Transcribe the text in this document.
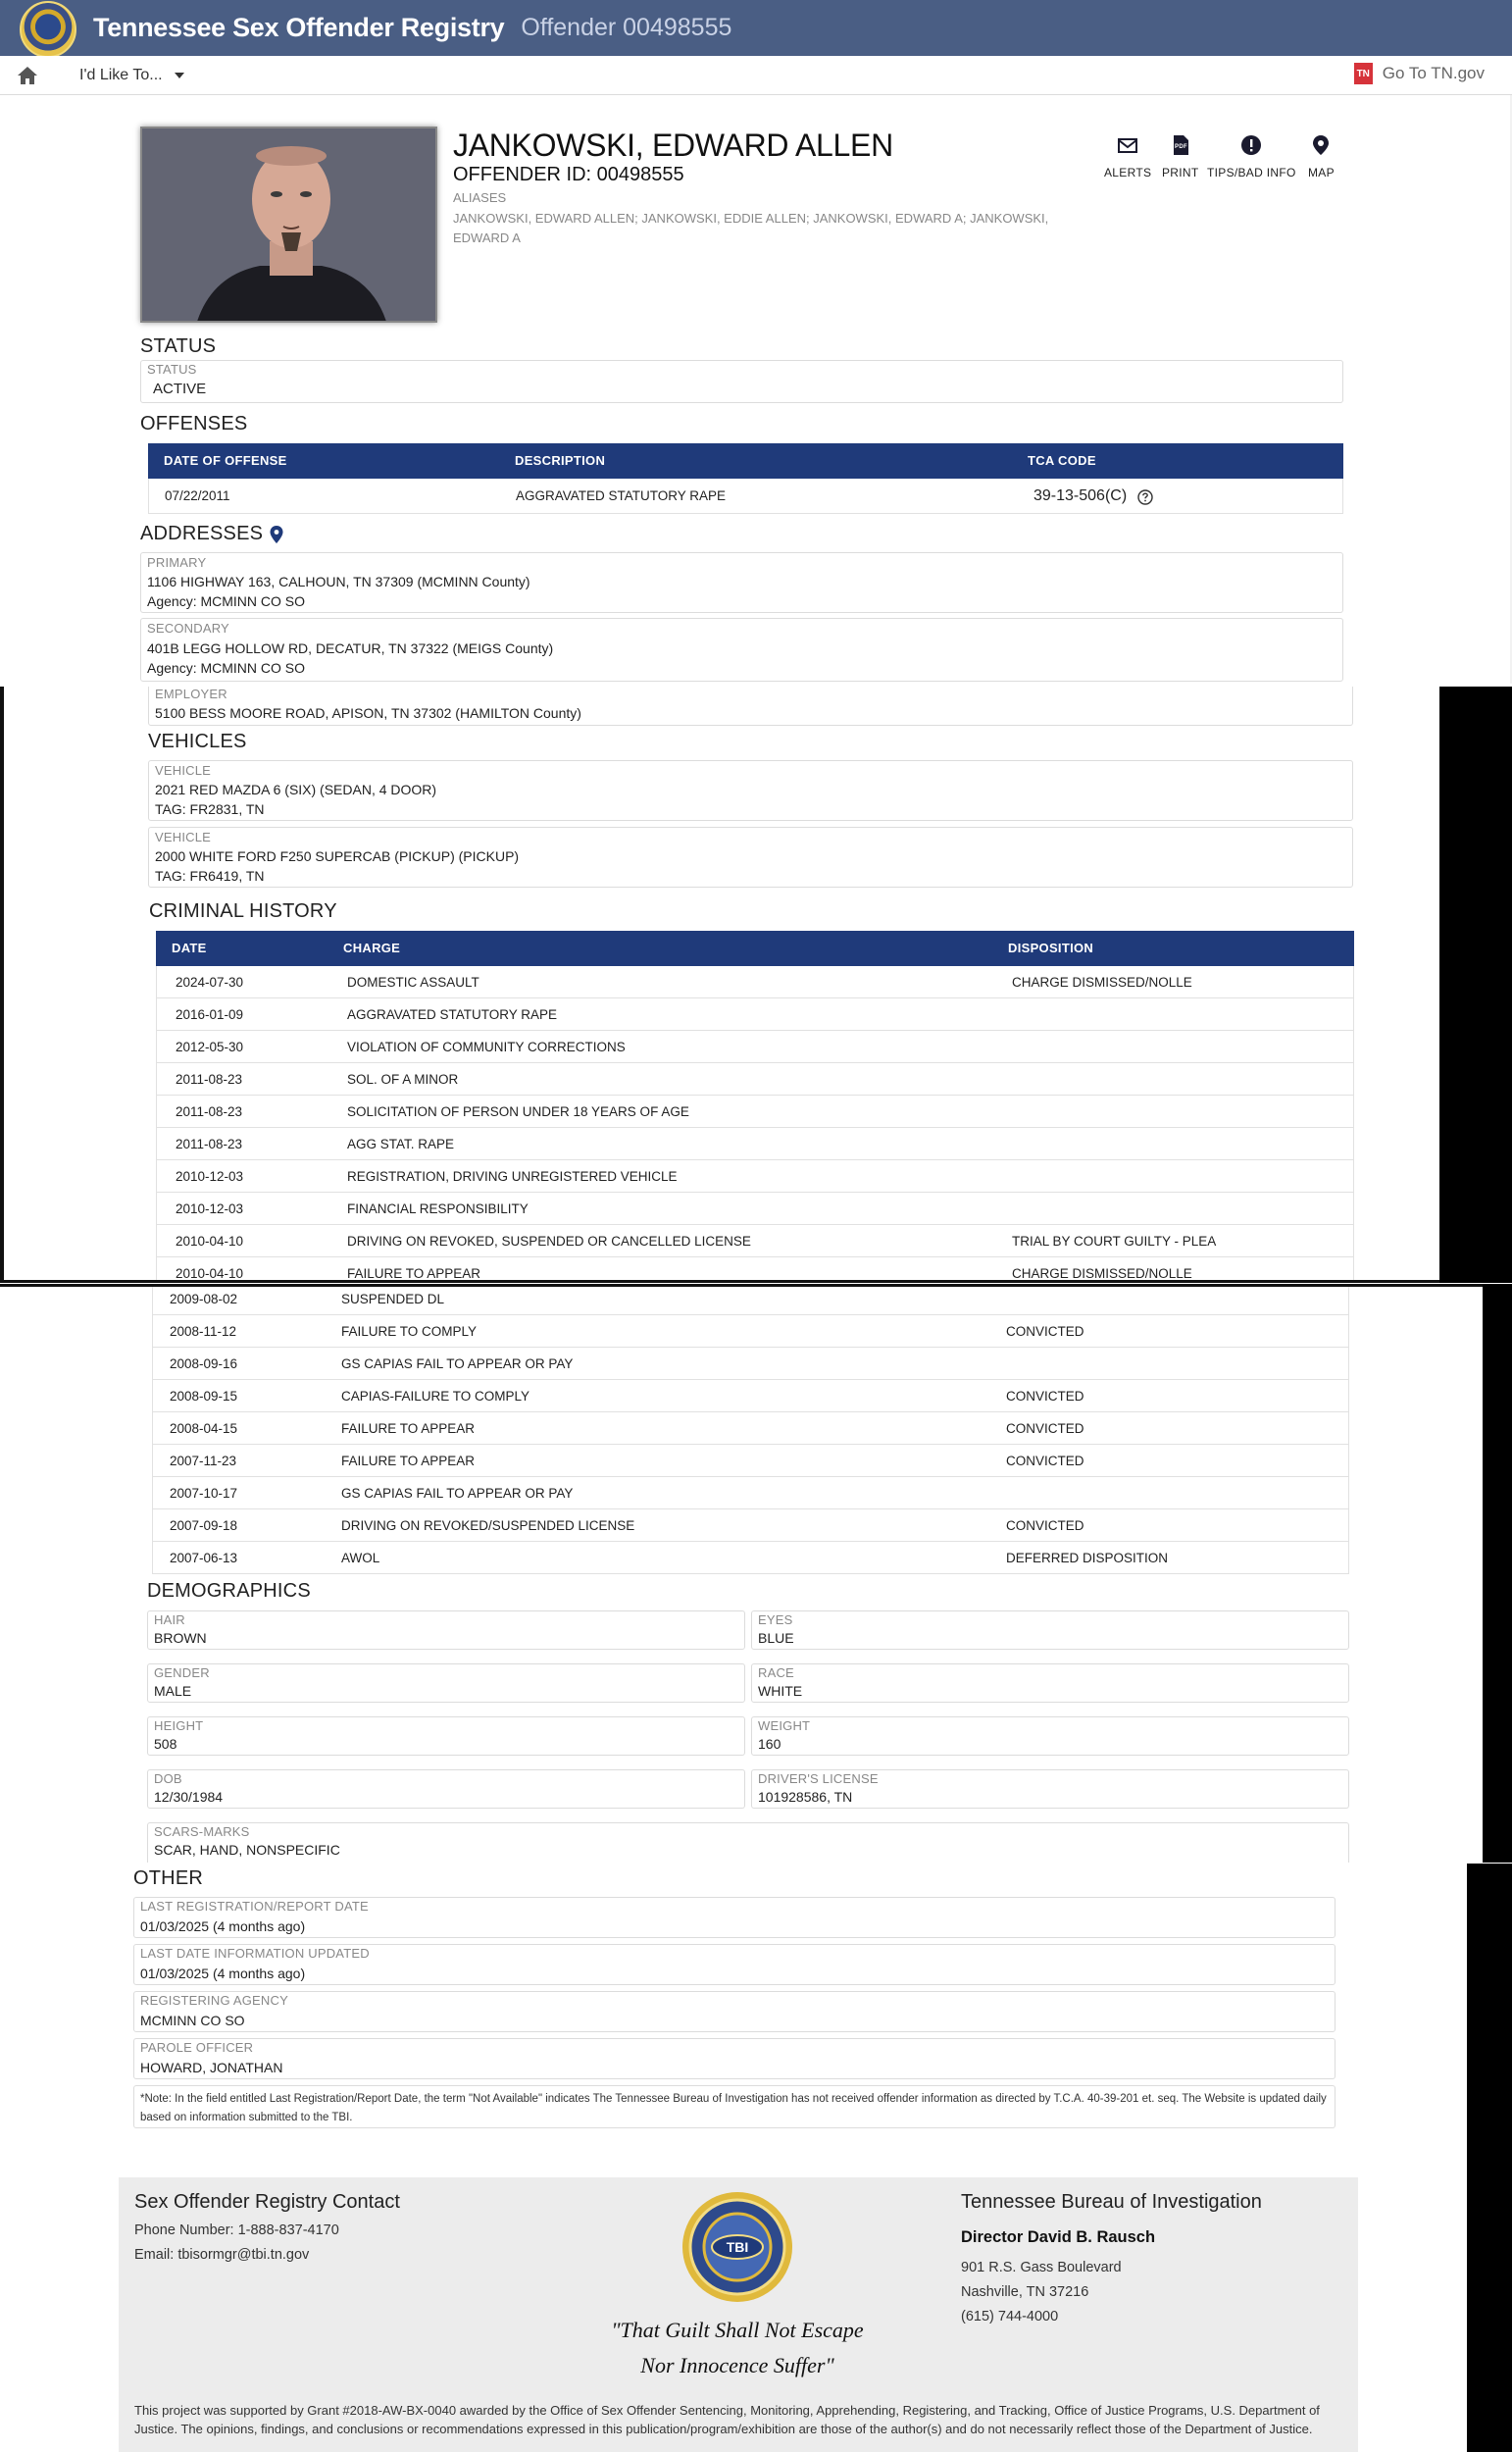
Tennessee Sex Offender Registry Offender 00498555
I'd Like To...	TN Go To TN.gov
JANKOWSKI, EDWARD ALLEN
OFFENDER ID: 00498555
ALIASES
JANKOWSKI, EDWARD ALLEN; JANKOWSKI, EDDIE ALLEN; JANKOWSKI, EDWARD A; JANKOWSKI, EDWARD A
ALERTS
PDF
PRINT TIPS/BAD INFO MAP
STATUS
STATUS
ACTIVE
OFFENSES
DATE OF OFFENSE	DESCRIPTION	TCA CODE
07/22/2011	AGGRAVATED STATUTORY RAPE	39-13-506(C)
ADDRESSES
PRIMARY
1106 HIGHWAY 163, CALHOUN, TN 37309 (MCMINN County)
Agency: MCMINN CO SO
SECONDARY
401B LEGG HOLLOW RD, DECATUR, TN 37322 (MEIGS County)
Agency: MCMINN CO SO
EMPLOYER
5100 BESS MOORE ROAD, APISON, TN 37302 (HAMILTON County)
VEHICLES
VEHICLE
2021 RED MAZDA 6 (SIX) (SEDAN, 4 DOOR)
TAG: FR2831, TN
VEHICLE
2000 WHITE FORD F250 SUPERCAB (PICKUP) (PICKUP)
TAG: FR6419, TN
CRIMINAL HISTORY
DATE	CHARGE	DISPOSITION
2024-07-30	DOMESTIC ASSAULT	CHARGE DISMISSED/NOLLE
2016-01-09	AGGRAVATED STATUTORY RAPE
2012-05-30	VIOLATION OF COMMUNITY CORRECTIONS
2011-08-23	SOL. OF A MINOR
2011-08-23	SOLICITATION OF PERSON UNDER 18 YEARS OF AGE
2011-08-23	AGG STAT. RAPE
2010-12-03	REGISTRATION, DRIVING UNREGISTERED VEHICLE
2010-12-03	FINANCIAL RESPONSIBILITY
2010-04-10	DRIVING ON REVOKED, SUSPENDED OR CANCELLED LICENSE	TRIAL BY COURT GUILTY - PLEA
2010-04-10	FAILURE TO APPEAR	CHARGE DISMISSED/NOLLE
2009-08-02	SUSPENDED DL
2008-11-12	FAILURE TO COMPLY	CONVICTED
2008-09-16	GS CAPIAS FAIL TO APPEAR OR PAY
2008-09-15	CAPIAS-FAILURE TO COMPLY	CONVICTED
2008-04-15	FAILURE TO APPEAR	CONVICTED
2007-11-23	FAILURE TO APPEAR	CONVICTED
2007-10-17	GS CAPIAS FAIL TO APPEAR OR PAY
2007-09-18	DRIVING ON REVOKED/SUSPENDED LICENSE	CONVICTED
2007-06-13	AWOL	DEFERRED DISPOSITION
DEMOGRAPHICS
HAIR
BROWN
EYES
BLUE
GENDER
MALE
RACE
WHITE
HEIGHT
508
WEIGHT
160
DOB
12/30/1984
DRIVER'S LICENSE
101928586, TN
SCARS-MARKS
SCAR, HAND, NONSPECIFIC
OTHER
LAST REGISTRATION/REPORT DATE
01/03/2025 (4 months ago)
LAST DATE INFORMATION UPDATED
01/03/2025 (4 months ago)
REGISTERING AGENCY
MCMINN CO SO
PAROLE OFFICER
HOWARD, JONATHAN
*Note: In the field entitled Last Registration/Report Date, the term "Not Available" indicates The Tennessee Bureau of Investigation has not received offender information as directed by T.C.A. 40-39-201 et. seq. The Website is updated daily based on information submitted to the TBI.
Sex Offender Registry Contact
Phone Number: 1-888-837-4170
Email: tbisormgr@tbi.tn.gov	TBI
"That Guilt Shall Not Escape
Nor Innocence Suffer"
Tennessee Bureau of Investigation
Director David B. Rausch
901 R.S. Gass Boulevard
Nashville, TN 37216
(615) 744-4000
This project was supported by Grant #2018-AW-BX-0040 awarded by the Office of Sex Offender Sentencing, Monitoring, Apprehending, Registering, and Tracking, Office of Justice Programs, U.S. Department of Justice. The opinions, findings, and conclusions or recommendations expressed in this publication/program/exhibition are those of the author(s) and do not necessarily reflect those of the Department of Justice.
